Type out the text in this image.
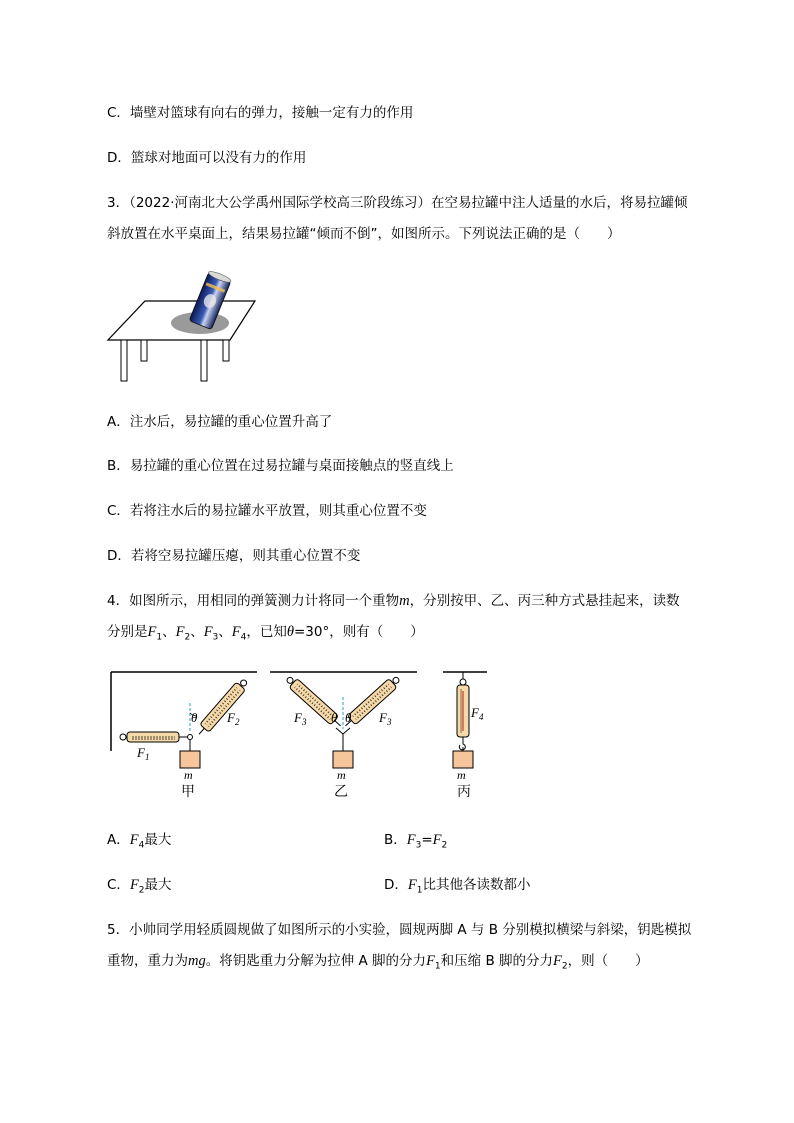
C．墙壁对篮球有向右的弹力，接触一定有力的作用
D．篮球对地面可以没有力的作用
3．（2022·河南北大公学禹州国际学校高三阶段练习）在空易拉罐中注人适量的水后，将易拉罐倾
斜放置在水平桌面上，结果易拉罐“倾而不倒”，如图所示。下列说法正确的是（　　）
A．注水后，易拉罐的重心位置升高了
B．易拉罐的重心位置在过易拉罐与桌面接触点的竖直线上
C．若将注水后的易拉罐水平放置，则其重心位置不变
D．若将空易拉罐压瘪，则其重心位置不变
4．如图所示，用相同的弹簧测力计将同一个重物m，分别按甲、乙、丙三种方式悬挂起来，读数
分别是$F_1$、$F_2$、$F_3$、$F_4$，已知θ=30°，则有（　　）
θ $F_2$
$F_1$
m
甲
θ θ
$F_3$	$F_3$
m
乙
$F_4$
m
丙
A．$F_4$最大	B．$F_3=F_2$
C．$F_2$最大	D．$F_1$比其他各读数都小
5．小帅同学用轻质圆规做了如图所示的小实验，圆规两脚 A 与 B 分别模拟横梁与斜梁，钥匙模拟
重物，重力为mg。将钥匙重力分解为拉伸 A 脚的分力$F_1$和压缩 B 脚的分力$F_2$，则（　　）
